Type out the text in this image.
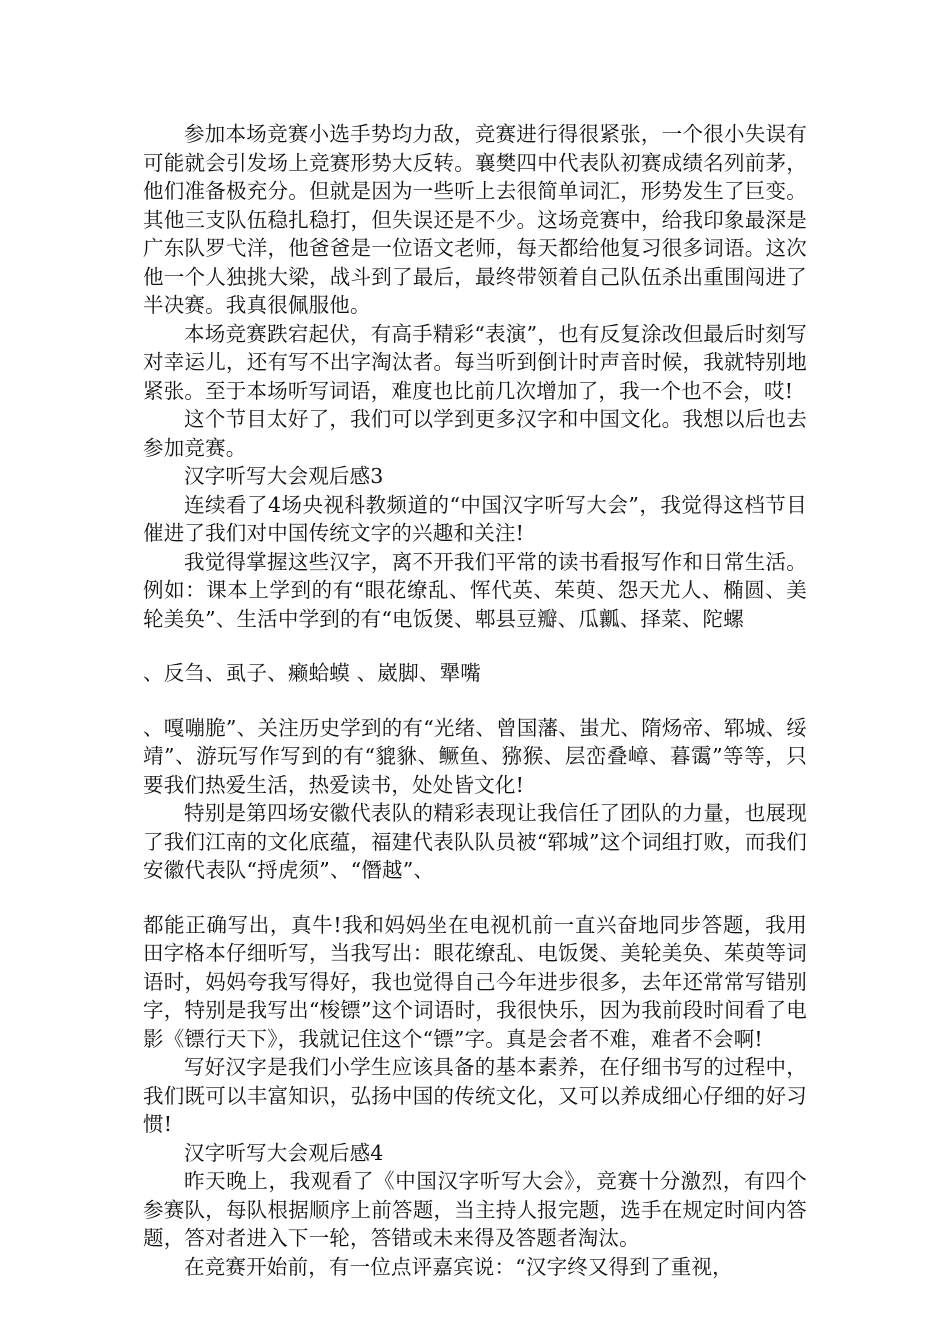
参加本场竞赛小选手势均力敌，竞赛进行得很紧张，一个很小失误有可能就会引发场上竞赛形势大反转。襄樊四中代表队初赛成绩名列前茅，他们准备极充分。但就是因为一些听上去很简单词汇，形势发生了巨变。其他三支队伍稳扎稳打，但失误还是不少。这场竞赛中，给我印象最深是广东队罗弋洋，他爸爸是一位语文老师，每天都给他复习很多词语。这次他一个人独挑大梁，战斗到了最后，最终带领着自己队伍杀出重围闯进了半决赛。我真很佩服他。

本场竞赛跌宕起伏，有高手精彩“表演”，也有反复涂改但最后时刻写对幸运儿，还有写不出字淘汰者。每当听到倒计时声音时候，我就特别地紧张。至于本场听写词语，难度也比前几次增加了，我一个也不会，哎!

这个节目太好了，我们可以学到更多汉字和中国文化。我想以后也去参加竞赛。

汉字听写大会观后感3

连续看了4场央视科教频道的“中国汉字听写大会”，我觉得这档节目催进了我们对中国传统文字的兴趣和关注!

我觉得掌握这些汉字，离不开我们平常的读书看报写作和日常生活。例如：课本上学到的有“眼花缭乱、恽代英、茱萸、怨天尤人、椭圆、美轮美奂”、生活中学到的有“电饭煲、郫县豆瓣、瓜瓤、择菜、陀螺

、反刍、虱子、癞蛤蟆 、崴脚、犟嘴

、嘎嘣脆”、关注历史学到的有“光绪、曾国藩、蚩尤、隋炀帝、郓城、绥靖”、游玩写作写到的有“貔貅、鳜鱼、猕猴、层峦叠嶂、暮霭”等等，只要我们热爱生活，热爱读书，处处皆文化!

特别是第四场安徽代表队的精彩表现让我信任了团队的力量，也展现了我们江南的文化底蕴，福建代表队队员被“郓城”这个词组打败，而我们安徽代表队“捋虎须”、“僭越”、

都能正确写出，真牛!我和妈妈坐在电视机前一直兴奋地同步答题，我用田字格本仔细听写，当我写出：眼花缭乱、电饭煲、美轮美奂、茱萸等词语时，妈妈夸我写得好，我也觉得自己今年进步很多，去年还常常写错别字，特别是我写出“梭镖”这个词语时，我很快乐，因为我前段时间看了电影《镖行天下》，我就记住这个“镖”字。真是会者不难，难者不会啊!

写好汉字是我们小学生应该具备的基本素养，在仔细书写的过程中，我们既可以丰富知识，弘扬中国的传统文化，又可以养成细心仔细的好习惯!

汉字听写大会观后感4

昨天晚上，我观看了《中国汉字听写大会》，竞赛十分激烈，有四个参赛队，每队根据顺序上前答题，当主持人报完题，选手在规定时间内答题，答对者进入下一轮，答错或未来得及答题者淘汰。

在竞赛开始前，有一位点评嘉宾说：“汉字终又得到了重视，
